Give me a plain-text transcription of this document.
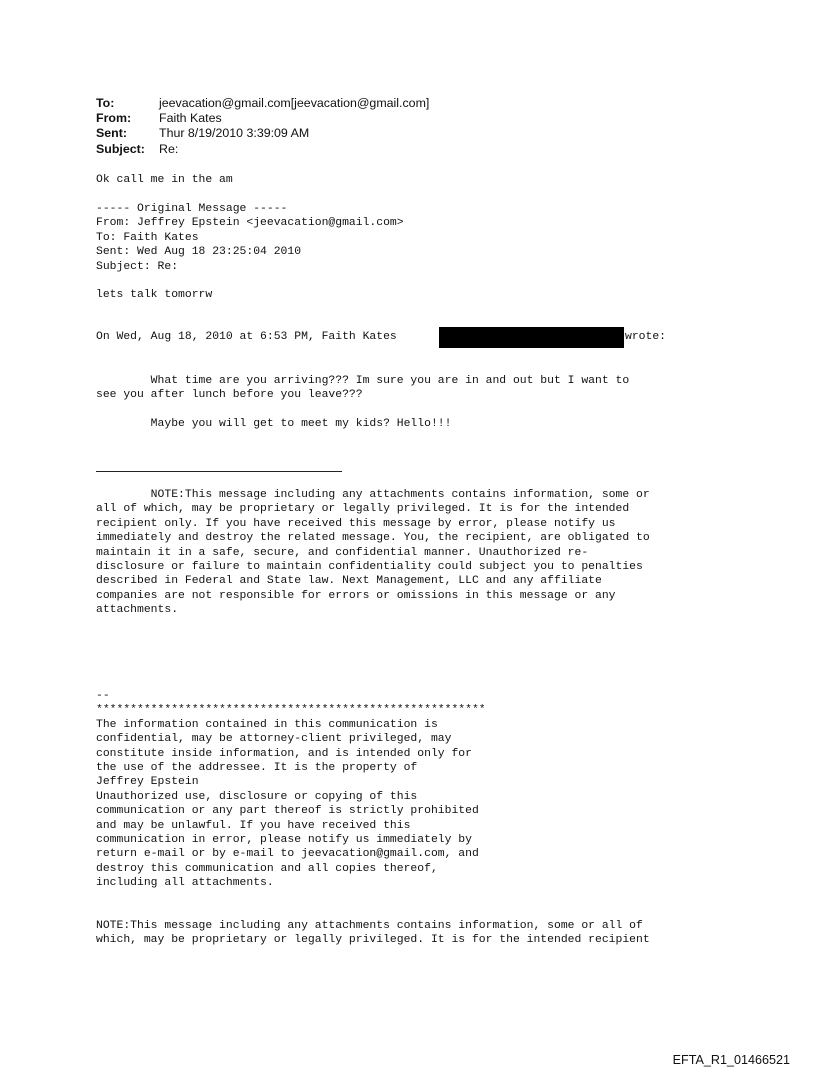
To:	jeevacation@gmail.com[jeevacation@gmail.com]
From:	Faith Kates
Sent:	Thur 8/19/2010 3:39:09 AM
Subject:	Re:
Ok call me in the am
----- Original Message -----
From: Jeffrey Epstein <jeevacation@gmail.com>
To: Faith Kates
Sent: Wed Aug 18 23:25:04 2010
Subject: Re:
lets talk tomorrw
On Wed, Aug 18, 2010 at 6:53 PM, Faith Kates	wrote:
What time are you arriving??? Im sure you are in and out but I want to
see you after lunch before you leave???
Maybe you will get to meet my kids? Hello!!!
NOTE:This message including any attachments contains information, some or
all of which, may be proprietary or legally privileged. It is for the intended
recipient only. If you have received this message by error, please notify us
immediately and destroy the related message. You, the recipient, are obligated to
maintain it in a safe, secure, and confidential manner. Unauthorized re-
disclosure or failure to maintain confidentiality could subject you to penalties
described in Federal and State law. Next Management, LLC and any affiliate
companies are not responsible for errors or omissions in this message or any
attachments.
--
*********************************************************
The information contained in this communication is
confidential, may be attorney-client privileged, may
constitute inside information, and is intended only for
the use of the addressee. It is the property of
Jeffrey Epstein
Unauthorized use, disclosure or copying of this
communication or any part thereof is strictly prohibited
and may be unlawful. If you have received this
communication in error, please notify us immediately by
return e-mail or by e-mail to jeevacation@gmail.com, and
destroy this communication and all copies thereof,
including all attachments.
NOTE:This message including any attachments contains information, some or all of
which, may be proprietary or legally privileged. It is for the intended recipient
EFTA_R1_01466521
